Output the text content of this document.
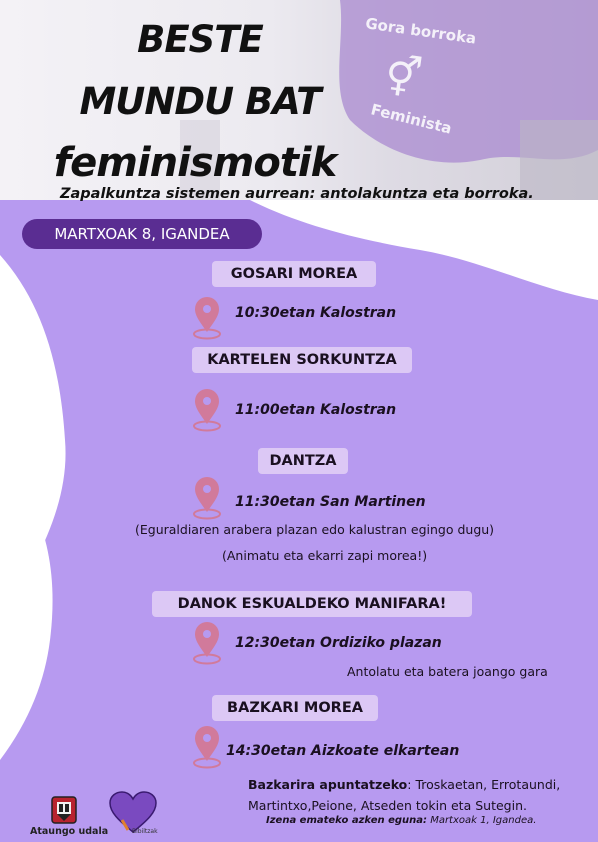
Gora borroka
⚥
Feminista
BESTE
MUNDU BAT
feminismotik
Zapalkuntza sistemen aurrean: antolakuntza eta borroka.
MARTXOAK 8, IGANDEA
GOSARI MOREA
10:30etan Kalostran
KARTELEN SORKUNTZA
11:00etan Kalostran
DANTZA
11:30etan San Martinen
(Eguraldiaren arabera plazan edo kalustran egingo dugu)
(Animatu eta ekarri zapi morea!)
DANOK ESKUALDEKO MANIFARA!
12:30etan Ordiziko plazan
Antolatu eta batera joango gara
BAZKARI MOREA
14:30etan Aizkoate elkartean
Bazkarira apuntatzeko: Troskaetan, Errotaundi,
Martintxo,Peione, Atseden tokin eta Sutegin.
Izena emateko azken eguna: Martxoak 1, Igandea.
Ataungo udala	Bibiltzak
